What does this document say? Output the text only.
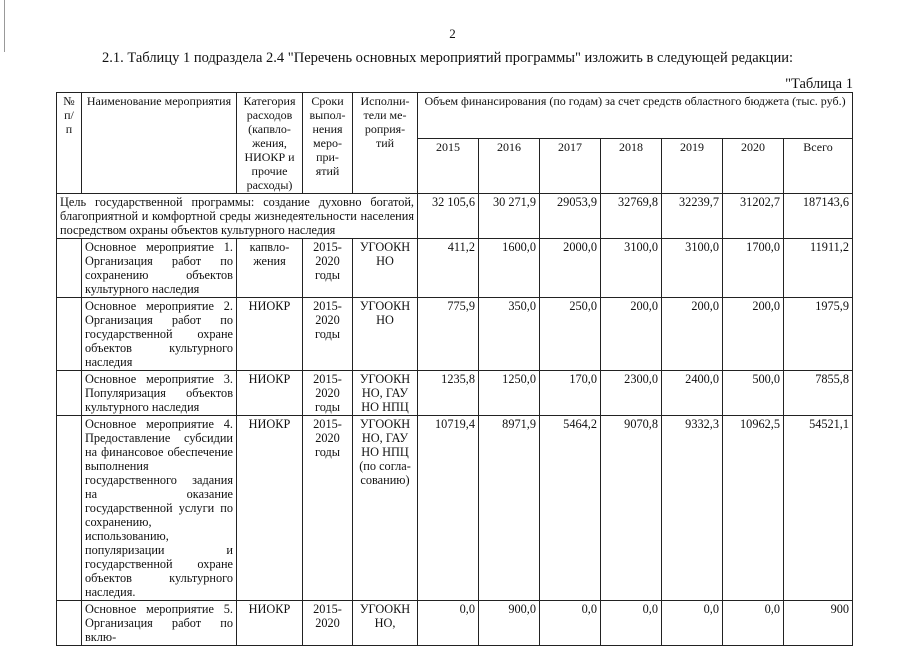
2
2.1. Таблицу 1 подраздела 2.4 "Перечень основных мероприятий программы" изложить в следующей редакции:
"Таблица 1
№ п/ п	Наименование мероприятия	Категория расходов (капвло- жения, НИОКР и прочие расходы)	Сроки выпол- нения меро- при- ятий	Исполни- тели ме- роприя- тий	Объем финансирования (по годам) за счет средств областного бюджета (тыс. руб.)						
					2015	2016	2017	2018	2019	2020	Всего
Цель государственной программы: создание духовно богатой, благоприятной и комфортной среды жизнедеятельности населения посредством охраны объектов культурного наследия					32 105,6	30 271,9	29053,9	32769,8	32239,7	31202,7	187143,6
	Основное мероприятие 1. Организация работ по сохранению объектов культурного наследия	капвло- жения	2015- 2020 годы	УГООКН НО	411,2	1600,0	2000,0	3100,0	3100,0	1700,0	11911,2
	Основное мероприятие 2. Организация работ по государственной охране объектов культурного наследия	НИОКР	2015- 2020 годы	УГООКН НО	775,9	350,0	250,0	200,0	200,0	200,0	1975,9
	Основное мероприятие 3. Популяризация объектов культурного наследия	НИОКР	2015- 2020 годы	УГООКН НО, ГАУ НО НПЦ	1235,8	1250,0	170,0	2300,0	2400,0	500,0	7855,8
	Основное мероприятие 4. Предоставление субсидии на финансовое обеспечение выполнения государственного задания на оказание государственной услуги по сохранению, использованию, популяризации и государственной охране объектов культурного наследия.	НИОКР	2015- 2020 годы	УГООКН НО, ГАУ НО НПЦ (по согла- сованию)	10719,4	8971,9	5464,2	9070,8	9332,3	10962,5	54521,1
	Основное мероприятие 5. Организация работ по вклю-	НИОКР	2015- 2020	УГООКН НО,	0,0	900,0	0,0	0,0	0,0	0,0	900
